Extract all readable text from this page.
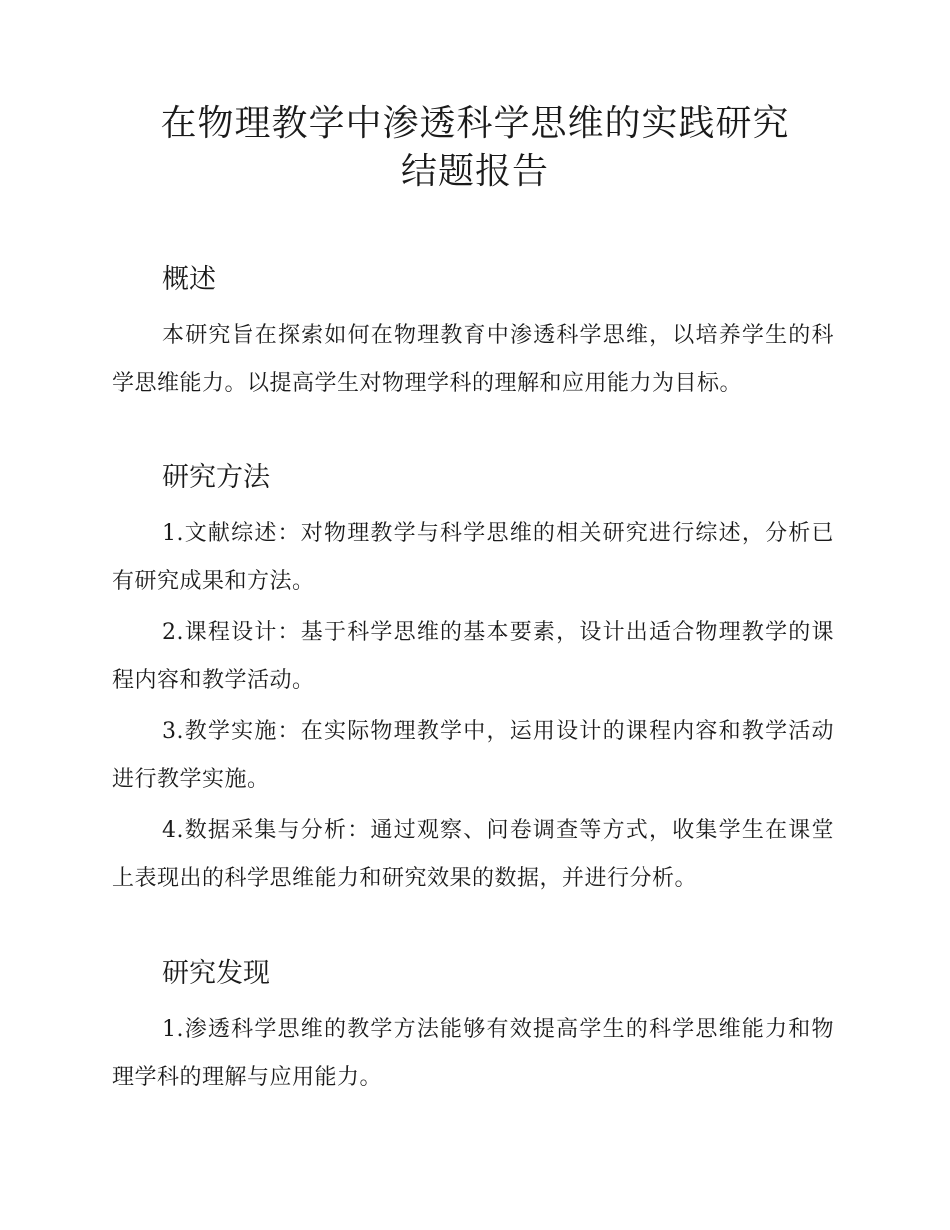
在物理教学中渗透科学思维的实践研究结题报告
概述

本研究旨在探索如何在物理教育中渗透科学思维，以培养学生的科学思维能力。以提高学生对物理学科的理解和应用能力为目标。

研究方法

1.文献综述：对物理教学与科学思维的相关研究进行综述，分析已有研究成果和方法。

2.课程设计：基于科学思维的基本要素，设计出适合物理教学的课程内容和教学活动。

3.教学实施：在实际物理教学中，运用设计的课程内容和教学活动进行教学实施。

4.数据采集与分析：通过观察、问卷调查等方式，收集学生在课堂上表现出的科学思维能力和研究效果的数据，并进行分析。

研究发现

1.渗透科学思维的教学方法能够有效提高学生的科学思维能力和物理学科的理解与应用能力。
